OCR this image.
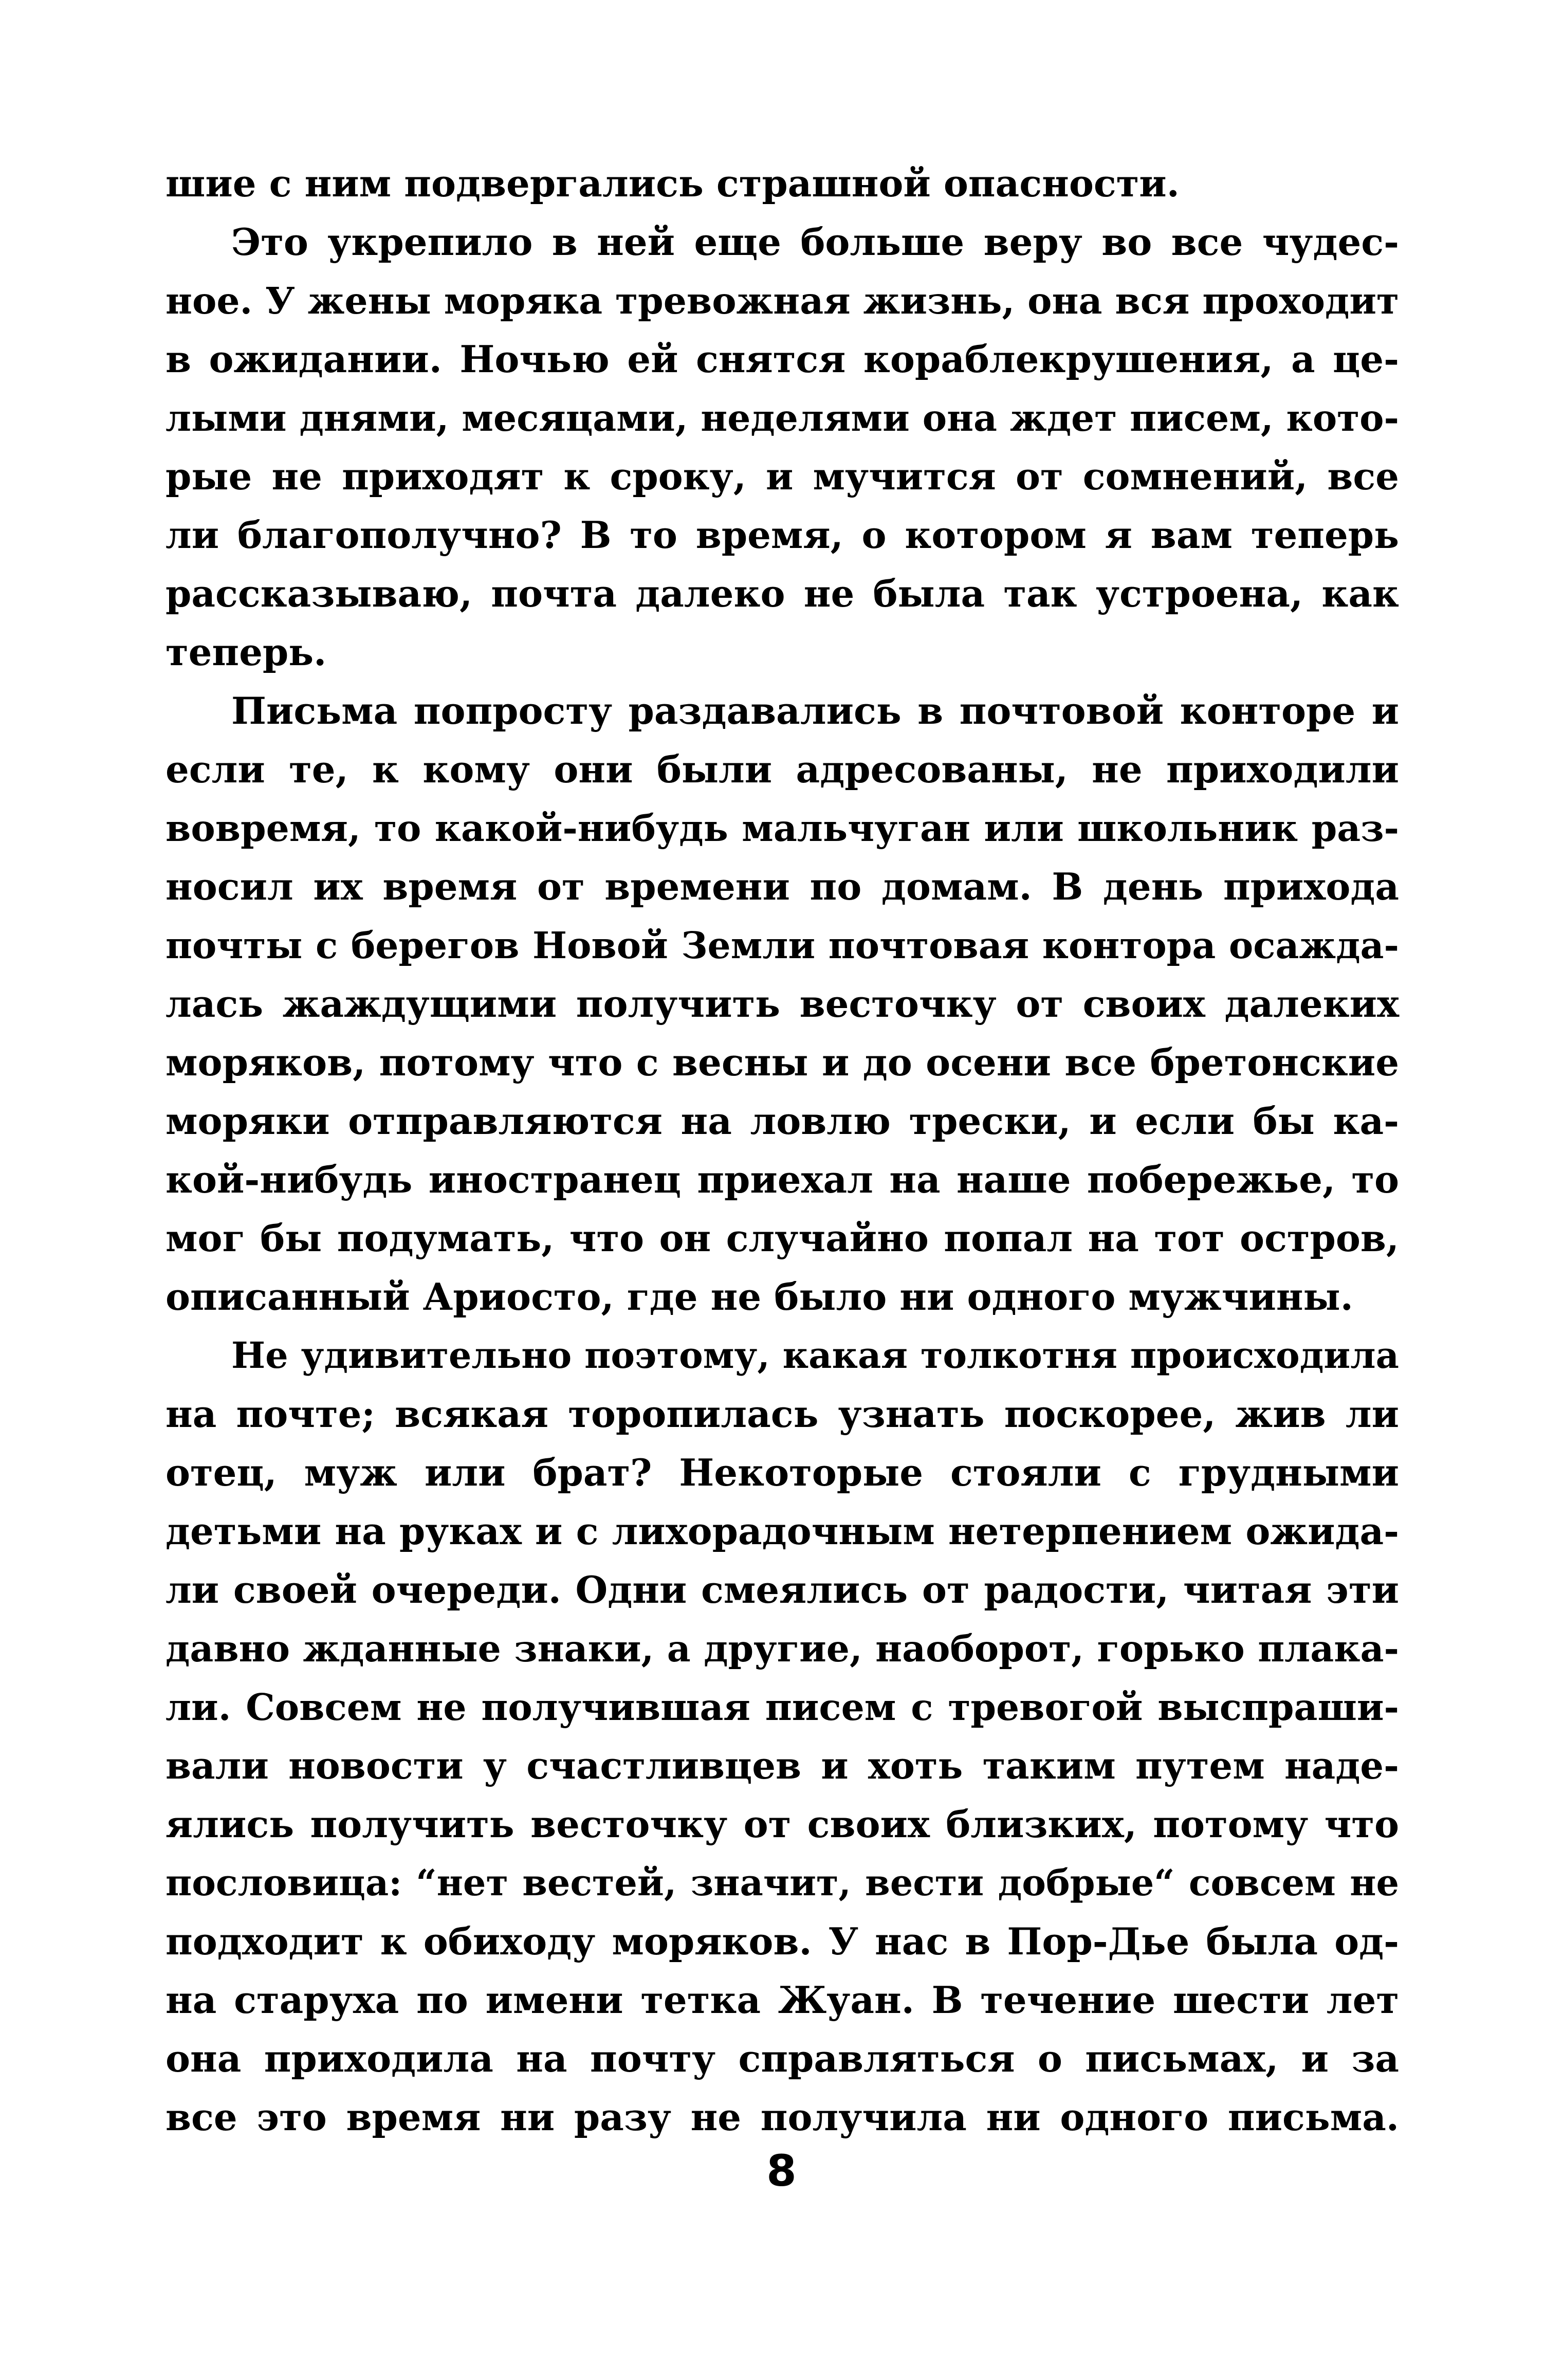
шие с ним подвергались страшной опасности.
Это укрепило в ней еще больше веру во все чудес-
ное. У жены моряка тревожная жизнь, она вся проходит
в ожидании. Ночью ей снятся кораблекрушения, а це-
лыми днями, месяцами, неделями она ждет писем, кото-
рые не приходят к сроку, и мучится от сомнений, все
ли благополучно? В то время, о котором я вам теперь
рассказываю, почта далеко не была так устроена, как
теперь.
Письма попросту раздавались в почтовой конторе и
если те, к кому они были адресованы, не приходили
вовремя, то какой-нибудь мальчуган или школьник раз-
носил их время от времени по домам. В день прихода
почты с берегов Новой Земли почтовая контора осажда-
лась жаждущими получить весточку от своих далеких
моряков, потому что с весны и до осени все бретонские
моряки отправляются на ловлю трески, и если бы ка-
кой-нибудь иностранец приехал на наше побережье, то
мог бы подумать, что он случайно попал на тот остров,
описанный Ариосто, где не было ни одного мужчины.
Не удивительно поэтому, какая толкотня происходила
на почте; всякая торопилась узнать поскорее, жив ли
отец, муж или брат? Некоторые стояли с грудными
детьми на руках и с лихорадочным нетерпением ожида-
ли своей очереди. Одни смеялись от радости, читая эти
давно жданные знаки, а другие, наоборот, горько плака-
ли. Совсем не получившая писем с тревогой выспраши-
вали новости у счастливцев и хоть таким путем наде-
ялись получить весточку от своих близких, потому что
пословица: “нет вестей, значит, вести добрые“ совсем не
подходит к обиходу моряков. У нас в Пор-Дье была од-
на старуха по имени тетка Жуан. В течение шести лет
она приходила на почту справляться о письмах, и за
все это время ни разу не получила ни одного письма.
8
